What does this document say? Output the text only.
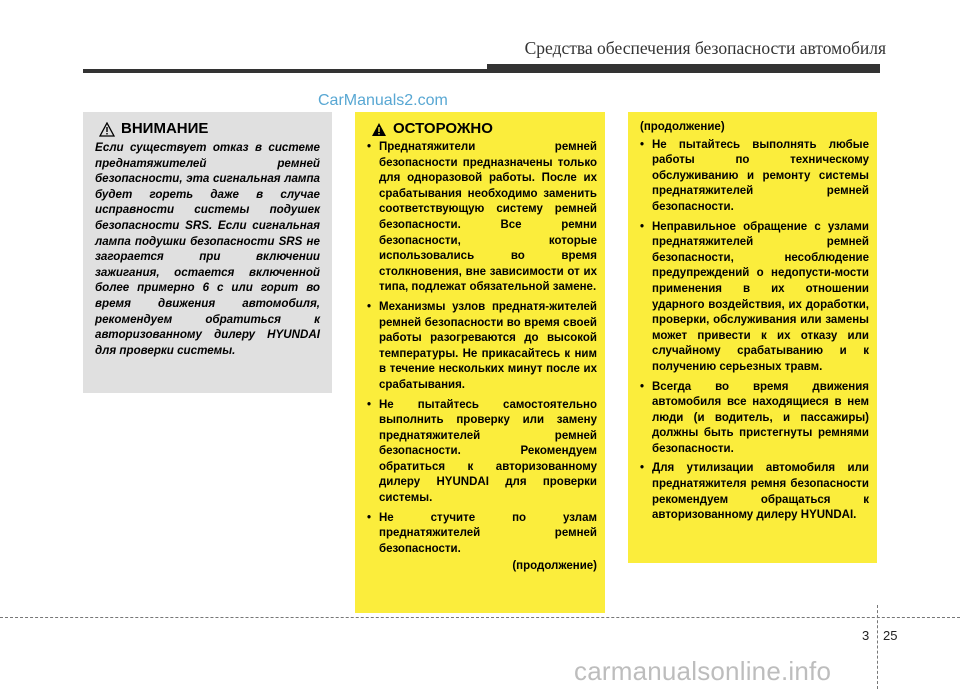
Средства обеспечения безопасности автомобиля
CarManuals2.com
ВНИМАНИЕ

Если существует отказ в системе преднатяжителей ремней безопасности, эта сигнальная лампа будет гореть даже в случае исправности системы подушек безопасности SRS. Если сигнальная лампа подушки безопасности SRS не загорается при включении зажигания, остается включенной более примерно 6 с или горит во время движения автомобиля, рекомендуем обратиться к авторизованному дилеру HYUNDAI для проверки системы.

ОСТОРОЖНО
• Преднатяжители ремней безопасности предназначены только для одноразовой работы. После их срабатывания необходимо заменить соответствующую систему ремней безопасности. Все ремни безопасности, которые использовались во время столкновения, вне зависимости от их типа, подлежат обязательной замене.
• Механизмы узлов преднатя-жителей ремней безопасности во время своей работы разогреваются до высокой температуры. Не прикасайтесь к ним в течение нескольких минут после их срабатывания.
• Не пытайтесь самостоятельно выполнить проверку или замену преднатяжителей ремней безопасности. Рекомендуем обратиться к авторизованному дилеру HYUNDAI для проверки системы.
• Не стучите по узлам преднатяжителей ремней безопасности.
(продолжение)
(продолжение)
• Не пытайтесь выполнять любые работы по техническому обслуживанию и ремонту системы преднатяжителей ремней безопасности.
• Неправильное обращение с узлами преднатяжителей ремней безопасности, несоблюдение предупреждений о недопусти-мости применения в их отношении ударного воздействия, их доработки, проверки, обслуживания или замены может привести к их отказу или случайному срабатыванию и к получению серьезных травм.
• Всегда во время движения автомобиля все находящиеся в нем люди (и водитель, и пассажиры) должны быть пристегнуты ремнями безопасности.
• Для утилизации автомобиля или преднатяжителя ремня безопасности рекомендуем обращаться к авторизованному дилеру HYUNDAI.
3 25
carmanualsonline.info
